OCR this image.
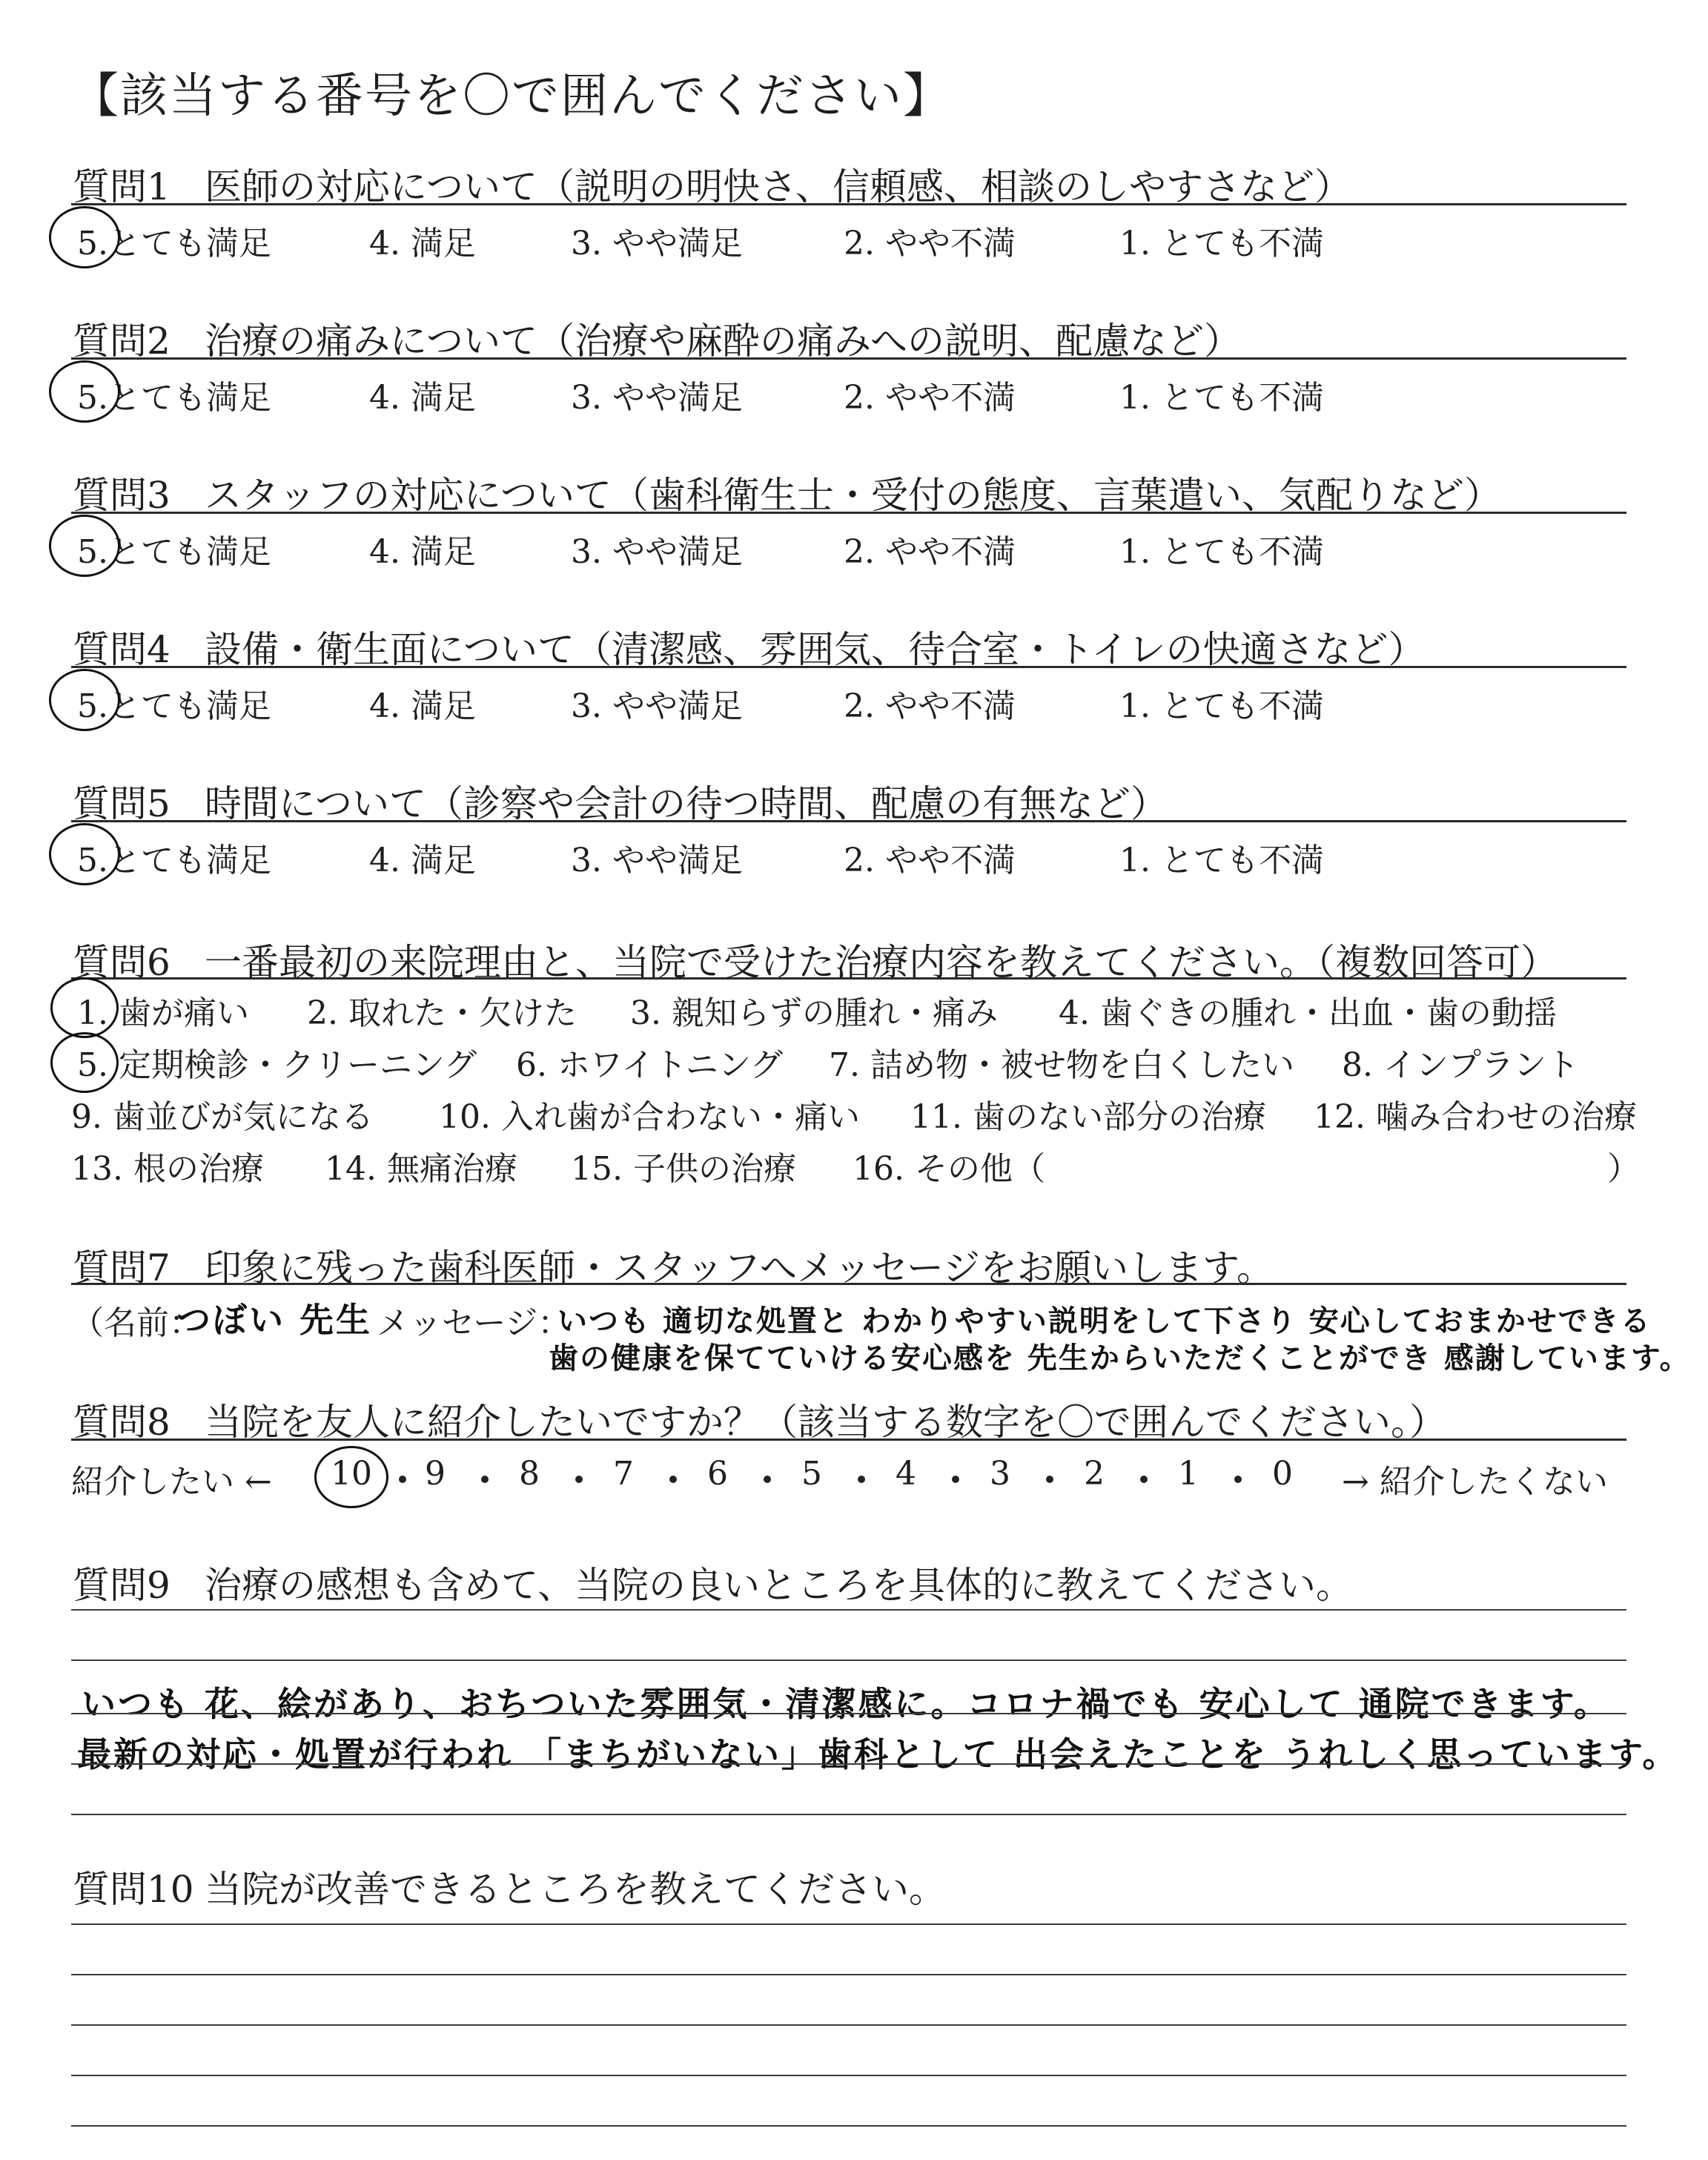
【該当する番号を〇で囲んでください】
質問1 医師の対応について（説明の明快さ、信頼感、相談のしやすさなど）
5.とても満足	4. 満足	3. やや満足	2. やや不満	1. とても不満
質問2 治療の痛みについて（治療や麻酔の痛みへの説明、配慮など）
5.とても満足	4. 満足	3. やや満足	2. やや不満	1. とても不満
質問3 スタッフの対応について（歯科衛生士・受付の態度、言葉遣い、気配りなど）
5.とても満足	4. 満足	3. やや満足	2. やや不満	1. とても不満
質問4 設備・衛生面について（清潔感、雰囲気、待合室・トイレの快適さなど）
5.とても満足	4. 満足	3. やや満足	2. やや不満	1. とても不満
質問5 時間について（診察や会計の待つ時間、配慮の有無など）
5.とても満足	4. 満足	3. やや満足	2. やや不満	1. とても不満
質問6 一番最初の来院理由と、当院で受けた治療内容を教えてください。（複数回答可）
1. 歯が痛い 2. 取れた・欠けた 3. 親知らずの腫れ・痛み 4. 歯ぐきの腫れ・出血・歯の動揺
5. 定期検診・クリーニング 6. ホワイトニング 7. 詰め物・被せ物を白くしたい 8. インプラント
9. 歯並びが気になる 10. 入れ歯が合わない・痛い 11. 歯のない部分の治療 12. 噛み合わせの治療
13. 根の治療 14. 無痛治療 15. 子供の治療 16. その他（	）
質問7 印象に残った歯科医師・スタッフへメッセージをお願いします。
（名前：
つぼい 先生 メッセージ：
いつも 適切な処置と わかりやすい説明をして下さり 安心しておまかせできる
歯の健康を保てていける安心感を 先生からいただくことができ 感謝しています。
質問8 当院を友人に紹介したいですか？（該当する数字を〇で囲んでください。）
紹介したい ← 10 9 8 7 6 5 4 3 2 1 0 → 紹介したくない
質問9 治療の感想も含めて、当院の良いところを具体的に教えてください。
いつも 花、絵があり、おちついた雰囲気・清潔感に。コロナ禍でも 安心して 通院できます。
最新の対応・処置が行われ 「まちがいない」歯科として 出会えたことを うれしく思っています。
質問10 当院が改善できるところを教えてください。
